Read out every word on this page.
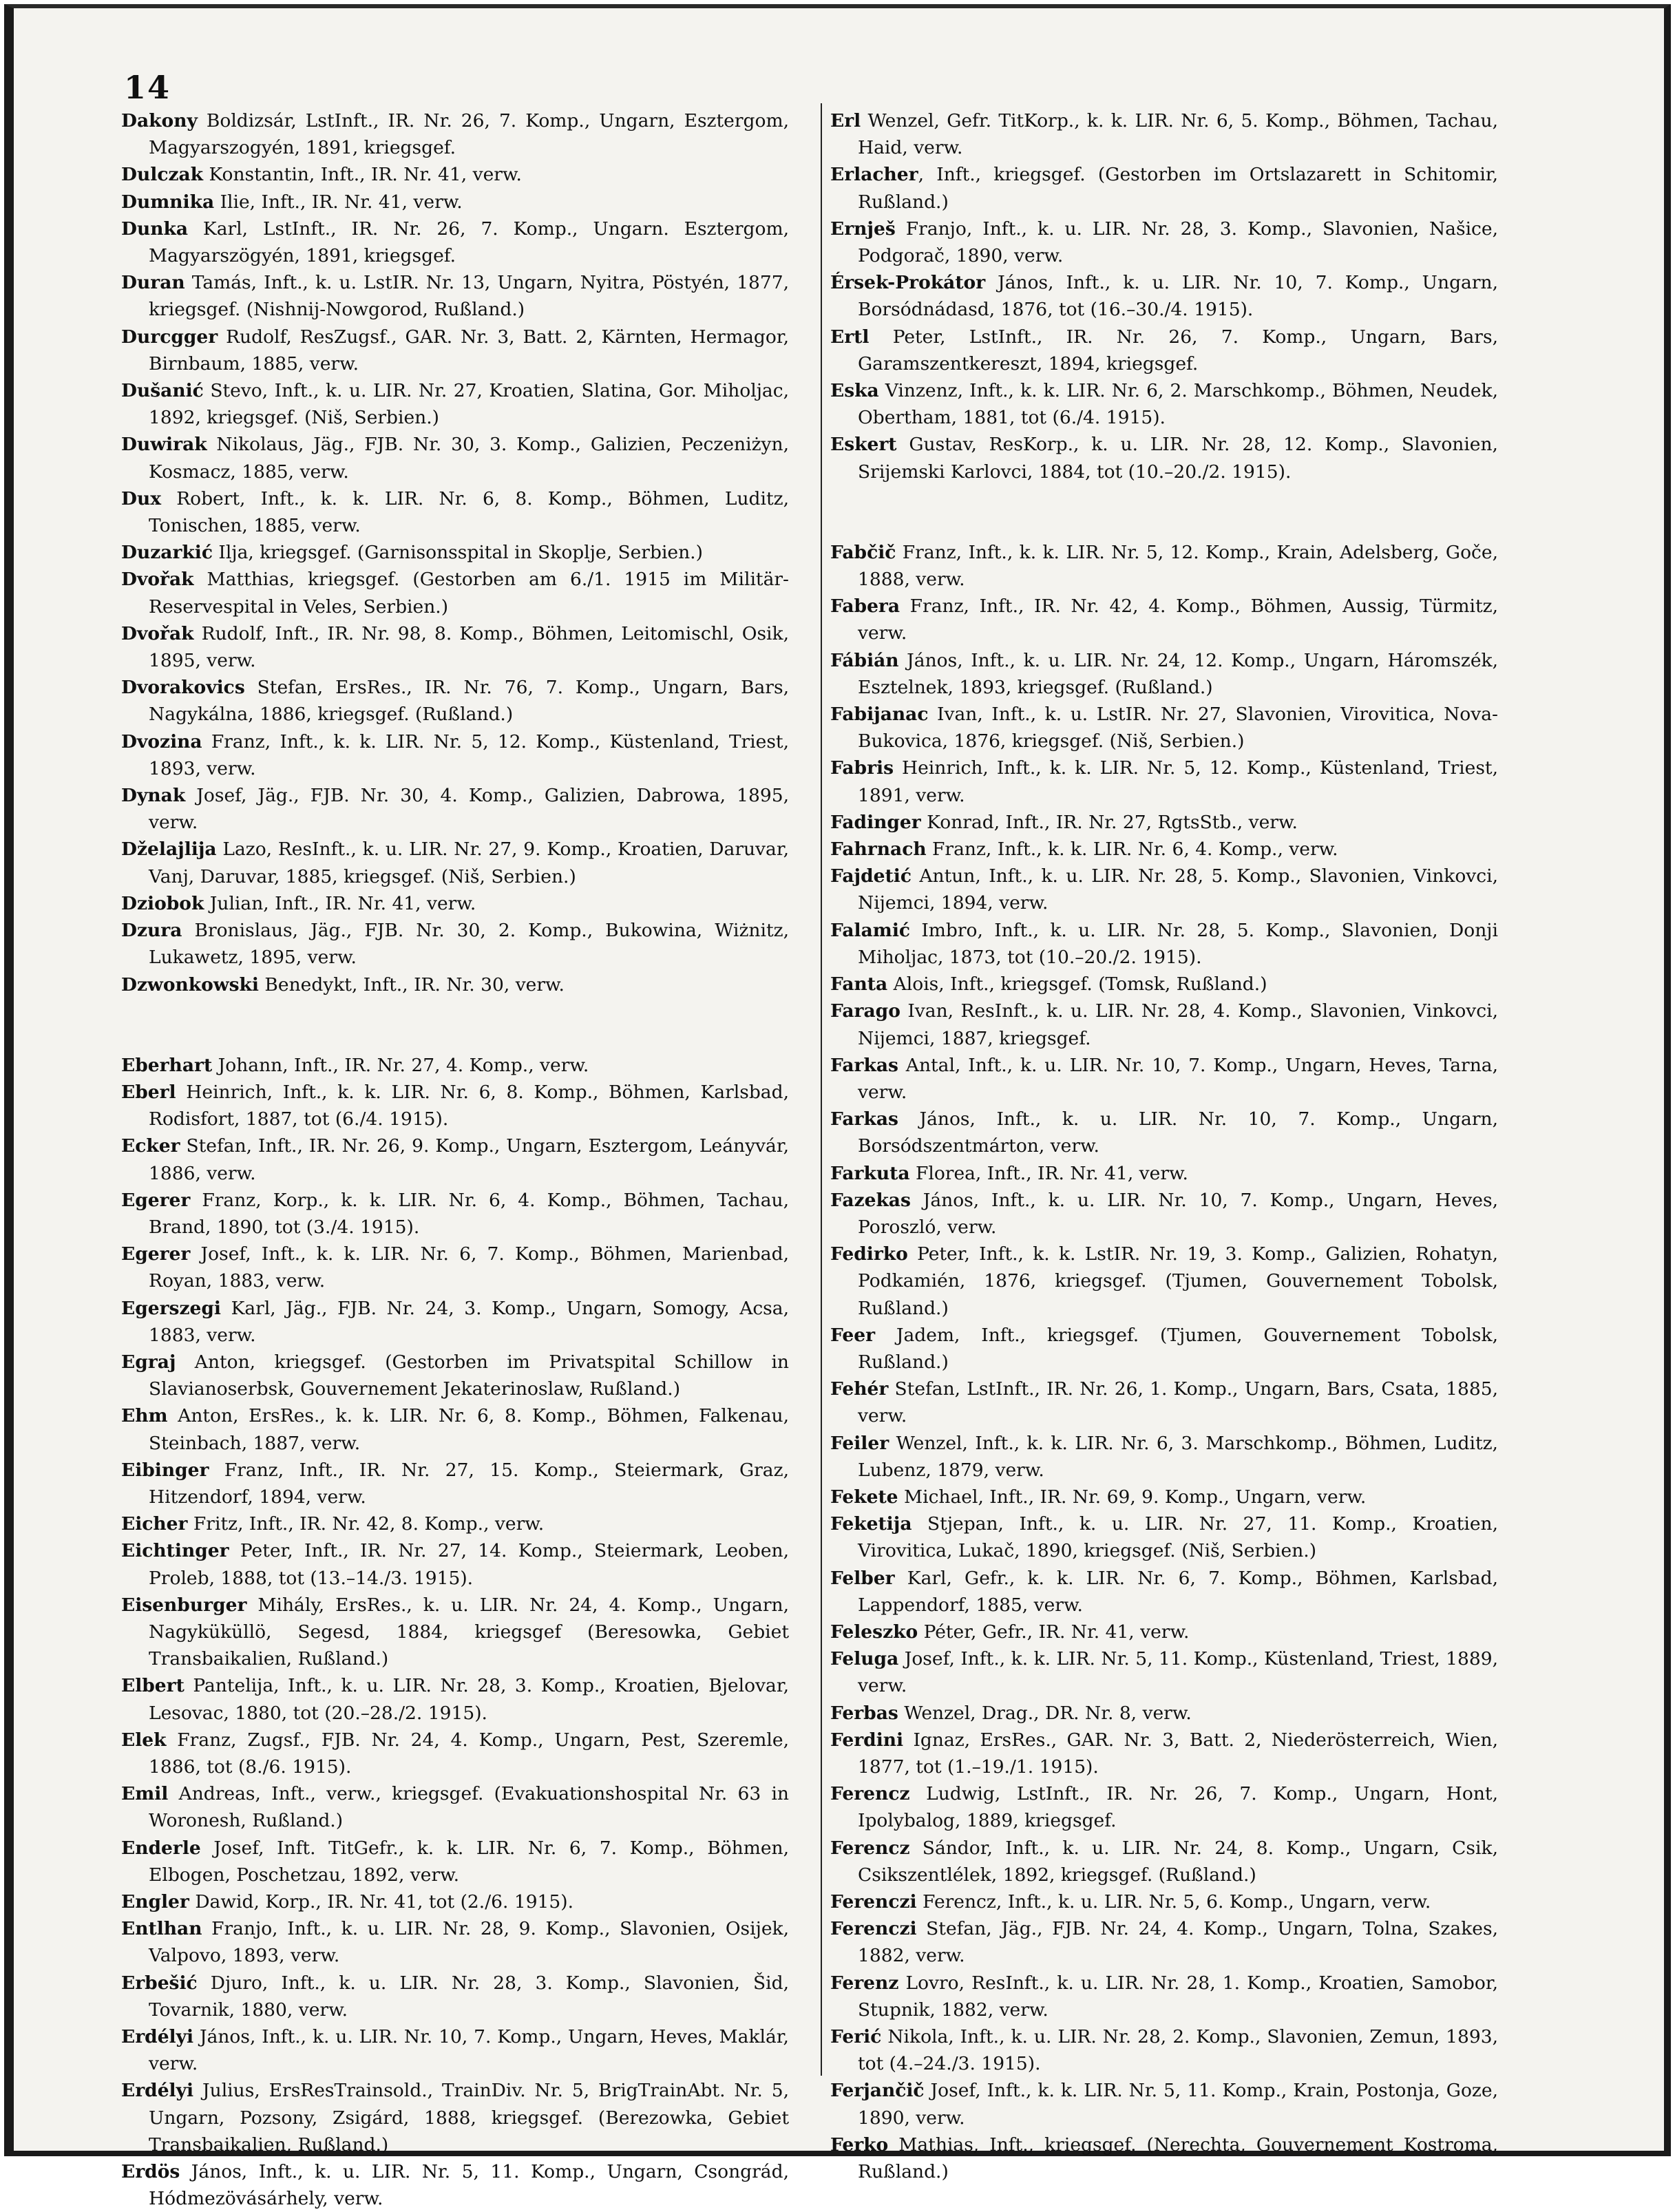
14

Dakony Boldizsár, LstInft., IR. Nr. 26, 7. Komp., Ungarn, Esztergom, Magyarszogyén, 1891, kriegsgef.

Dulczak Konstantin, Inft., IR. Nr. 41, verw.

Dumnika Ilie, Inft., IR. Nr. 41, verw.

Dunka Karl, LstInft., IR. Nr. 26, 7. Komp., Ungarn. Esztergom, Magyarszögyén, 1891, kriegsgef.

Duran Tamás, Inft., k. u. LstIR. Nr. 13, Ungarn, Nyitra, Pöstyén, 1877, kriegsgef. (Nishnij-Nowgorod, Rußland.)

Durcgger Rudolf, ResZugsf., GAR. Nr. 3, Batt. 2, Kärnten, Hermagor, Birnbaum, 1885, verw.

Dušanić Stevo, Inft., k. u. LIR. Nr. 27, Kroatien, Slatina, Gor. Miholjac, 1892, kriegsgef. (Niš, Serbien.)

Duwirak Nikolaus, Jäg., FJB. Nr. 30, 3. Komp., Galizien, Peczeniżyn, Kosmacz, 1885, verw.

Dux Robert, Inft., k. k. LIR. Nr. 6, 8. Komp., Böhmen, Luditz, Tonischen, 1885, verw.

Duzarkić Ilja, kriegsgef. (Garnisonsspital in Skoplje, Serbien.)

Dvořak Matthias, kriegsgef. (Gestorben am 6./1. 1915 im Militär-Reservespital in Veles, Serbien.)

Dvořak Rudolf, Inft., IR. Nr. 98, 8. Komp., Böhmen, Leitomischl, Osik, 1895, verw.

Dvorakovics Stefan, ErsRes., IR. Nr. 76, 7. Komp., Ungarn, Bars, Nagykálna, 1886, kriegsgef. (Rußland.)

Dvozina Franz, Inft., k. k. LIR. Nr. 5, 12. Komp., Küstenland, Triest, 1893, verw.

Dynak Josef, Jäg., FJB. Nr. 30, 4. Komp., Galizien, Dabrowa, 1895, verw.

Dželajlija Lazo, ResInft., k. u. LIR. Nr. 27, 9. Komp., Kroatien, Daruvar, Vanj, Daruvar, 1885, kriegsgef. (Niš, Serbien.)

Dziobok Julian, Inft., IR. Nr. 41, verw.

Dzura Bronislaus, Jäg., FJB. Nr. 30, 2. Komp., Bukowina, Wiżnitz, Lukawetz, 1895, verw.

Dzwonkowski Benedykt, Inft., IR. Nr. 30, verw.

Eberhart Johann, Inft., IR. Nr. 27, 4. Komp., verw.

Eberl Heinrich, Inft., k. k. LIR. Nr. 6, 8. Komp., Böhmen, Karlsbad, Rodisfort, 1887, tot (6./4. 1915).

Ecker Stefan, Inft., IR. Nr. 26, 9. Komp., Ungarn, Esztergom, Leányvár, 1886, verw.

Egerer Franz, Korp., k. k. LIR. Nr. 6, 4. Komp., Böhmen, Tachau, Brand, 1890, tot (3./4. 1915).

Egerer Josef, Inft., k. k. LIR. Nr. 6, 7. Komp., Böhmen, Marienbad, Royan, 1883, verw.

Egerszegi Karl, Jäg., FJB. Nr. 24, 3. Komp., Ungarn, Somogy, Acsa, 1883, verw.

Egraj Anton, kriegsgef. (Gestorben im Privatspital Schillow in Slavianoserbsk, Gouvernement Jekaterinoslaw, Rußland.)

Ehm Anton, ErsRes., k. k. LIR. Nr. 6, 8. Komp., Böhmen, Falkenau, Steinbach, 1887, verw.

Eibinger Franz, Inft., IR. Nr. 27, 15. Komp., Steiermark, Graz, Hitzendorf, 1894, verw.

Eicher Fritz, Inft., IR. Nr. 42, 8. Komp., verw.

Eichtinger Peter, Inft., IR. Nr. 27, 14. Komp., Steiermark, Leoben, Proleb, 1888, tot (13.–14./3. 1915).

Eisenburger Mihály, ErsRes., k. u. LIR. Nr. 24, 4. Komp., Ungarn, Nagyküküllö, Segesd, 1884, kriegsgef (Beresowka, Gebiet Transbaikalien, Rußland.)

Elbert Pantelija, Inft., k. u. LIR. Nr. 28, 3. Komp., Kroatien, Bjelovar, Lesovac, 1880, tot (20.–28./2. 1915).

Elek Franz, Zugsf., FJB. Nr. 24, 4. Komp., Ungarn, Pest, Szeremle, 1886, tot (8./6. 1915).

Emil Andreas, Inft., verw., kriegsgef. (Evakuationshospital Nr. 63 in Woronesh, Rußland.)

Enderle Josef, Inft. TitGefr., k. k. LIR. Nr. 6, 7. Komp., Böhmen, Elbogen, Poschetzau, 1892, verw.

Engler Dawid, Korp., IR. Nr. 41, tot (2./6. 1915).

Entlhan Franjo, Inft., k. u. LIR. Nr. 28, 9. Komp., Slavonien, Osijek, Valpovo, 1893, verw.

Erbešić Djuro, Inft., k. u. LIR. Nr. 28, 3. Komp., Slavonien, Šid, Tovarnik, 1880, verw.

Erdélyi János, Inft., k. u. LIR. Nr. 10, 7. Komp., Ungarn, Heves, Maklár, verw.

Erdélyi Julius, ErsResTrainsold., TrainDiv. Nr. 5, BrigTrainAbt. Nr. 5, Ungarn, Pozsony, Zsigárd, 1888, kriegsgef. (Berezowka, Gebiet Transbaikalien, Rußland.)

Erdös János, Inft., k. u. LIR. Nr. 5, 11. Komp., Ungarn, Csongrád, Hódmezövásárhely, verw.

Erl Wenzel, Gefr. TitKorp., k. k. LIR. Nr. 6, 5. Komp., Böhmen, Tachau, Haid, verw.

Erlacher, Inft., kriegsgef. (Gestorben im Ortslazarett in Schitomir, Rußland.)

Ernješ Franjo, Inft., k. u. LIR. Nr. 28, 3. Komp., Slavonien, Našice, Podgorač, 1890, verw.

Érsek-Prokátor János, Inft., k. u. LIR. Nr. 10, 7. Komp., Ungarn, Borsódnádasd, 1876, tot (16.–30./4. 1915).

Ertl Peter, LstInft., IR. Nr. 26, 7. Komp., Ungarn, Bars, Garamszentkereszt, 1894, kriegsgef.

Eska Vinzenz, Inft., k. k. LIR. Nr. 6, 2. Marschkomp., Böhmen, Neudek, Obertham, 1881, tot (6./4. 1915).

Eskert Gustav, ResKorp., k. u. LIR. Nr. 28, 12. Komp., Slavonien, Srijemski Karlovci, 1884, tot (10.–20./2. 1915).

Fabčič Franz, Inft., k. k. LIR. Nr. 5, 12. Komp., Krain, Adelsberg, Goče, 1888, verw.

Fabera Franz, Inft., IR. Nr. 42, 4. Komp., Böhmen, Aussig, Türmitz, verw.

Fábián János, Inft., k. u. LIR. Nr. 24, 12. Komp., Ungarn, Háromszék, Esztelnek, 1893, kriegsgef. (Rußland.)

Fabijanac Ivan, Inft., k. u. LstIR. Nr. 27, Slavonien, Virovitica, Nova-Bukovica, 1876, kriegsgef. (Niš, Serbien.)

Fabris Heinrich, Inft., k. k. LIR. Nr. 5, 12. Komp., Küstenland, Triest, 1891, verw.

Fadinger Konrad, Inft., IR. Nr. 27, RgtsStb., verw.

Fahrnach Franz, Inft., k. k. LIR. Nr. 6, 4. Komp., verw.

Fajdetić Antun, Inft., k. u. LIR. Nr. 28, 5. Komp., Slavonien, Vinkovci, Nijemci, 1894, verw.

Falamić Imbro, Inft., k. u. LIR. Nr. 28, 5. Komp., Slavonien, Donji Miholjac, 1873, tot (10.–20./2. 1915).

Fanta Alois, Inft., kriegsgef. (Tomsk, Rußland.)

Farago Ivan, ResInft., k. u. LIR. Nr. 28, 4. Komp., Slavonien, Vinkovci, Nijemci, 1887, kriegsgef.

Farkas Antal, Inft., k. u. LIR. Nr. 10, 7. Komp., Ungarn, Heves, Tarna, verw.

Farkas János, Inft., k. u. LIR. Nr. 10, 7. Komp., Ungarn, Borsódszentmárton, verw.

Farkuta Florea, Inft., IR. Nr. 41, verw.

Fazekas János, Inft., k. u. LIR. Nr. 10, 7. Komp., Ungarn, Heves, Poroszló, verw.

Fedirko Peter, Inft., k. k. LstIR. Nr. 19, 3. Komp., Galizien, Rohatyn, Podkamién, 1876, kriegsgef. (Tjumen, Gouvernement Tobolsk, Rußland.)

Feer Jadem, Inft., kriegsgef. (Tjumen, Gouvernement Tobolsk, Rußland.)

Fehér Stefan, LstInft., IR. Nr. 26, 1. Komp., Ungarn, Bars, Csata, 1885, verw.

Feiler Wenzel, Inft., k. k. LIR. Nr. 6, 3. Marschkomp., Böhmen, Luditz, Lubenz, 1879, verw.

Fekete Michael, Inft., IR. Nr. 69, 9. Komp., Ungarn, verw.

Feketija Stjepan, Inft., k. u. LIR. Nr. 27, 11. Komp., Kroatien, Virovitica, Lukač, 1890, kriegsgef. (Niš, Serbien.)

Felber Karl, Gefr., k. k. LIR. Nr. 6, 7. Komp., Böhmen, Karlsbad, Lappendorf, 1885, verw.

Feleszko Péter, Gefr., IR. Nr. 41, verw.

Feluga Josef, Inft., k. k. LIR. Nr. 5, 11. Komp., Küstenland, Triest, 1889, verw.

Ferbas Wenzel, Drag., DR. Nr. 8, verw.

Ferdini Ignaz, ErsRes., GAR. Nr. 3, Batt. 2, Niederösterreich, Wien, 1877, tot (1.–19./1. 1915).

Ferencz Ludwig, LstInft., IR. Nr. 26, 7. Komp., Ungarn, Hont, Ipolybalog, 1889, kriegsgef.

Ferencz Sándor, Inft., k. u. LIR. Nr. 24, 8. Komp., Ungarn, Csik, Csikszentlélek, 1892, kriegsgef. (Rußland.)

Ferenczi Ferencz, Inft., k. u. LIR. Nr. 5, 6. Komp., Ungarn, verw.

Ferenczi Stefan, Jäg., FJB. Nr. 24, 4. Komp., Ungarn, Tolna, Szakes, 1882, verw.

Ferenz Lovro, ResInft., k. u. LIR. Nr. 28, 1. Komp., Kroatien, Samobor, Stupnik, 1882, verw.

Ferić Nikola, Inft., k. u. LIR. Nr. 28, 2. Komp., Slavonien, Zemun, 1893, tot (4.–24./3. 1915).

Ferjančič Josef, Inft., k. k. LIR. Nr. 5, 11. Komp., Krain, Postonja, Goze, 1890, verw.

Ferko Mathias, Inft., kriegsgef. (Nerechta, Gouvernement Kostroma, Rußland.)
